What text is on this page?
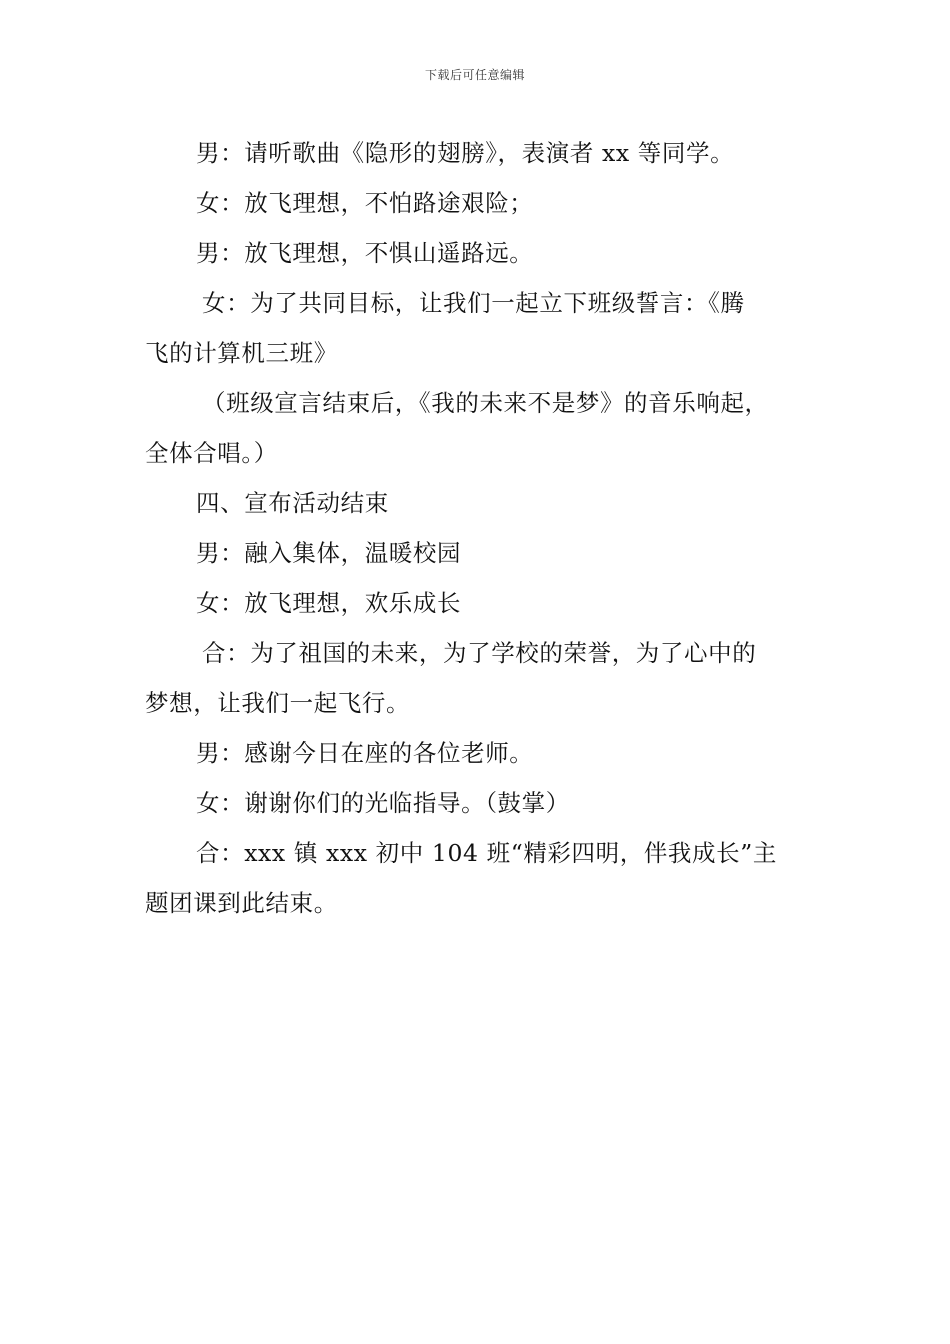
下载后可任意编辑
男：请听歌曲《隐形的翅膀》，表演者 xx 等同学。
女：放飞理想，不怕路途艰险；
男：放飞理想，不惧山遥路远。
女：为了共同目标，让我们一起立下班级誓言：《腾
飞的计算机三班》
（班级宣言结束后，《我的未来不是梦》的音乐响起，
全体合唱。）
四、宣布活动结束
男：融入集体，温暖校园
女：放飞理想，欢乐成长
合：为了祖国的未来，为了学校的荣誉，为了心中的
梦想，让我们一起飞行。
男：感谢今日在座的各位老师。
女：谢谢你们的光临指导。（鼓掌）
合：xxx 镇 xxx 初中 104 班“精彩四明，伴我成长”主
题团课到此结束。
